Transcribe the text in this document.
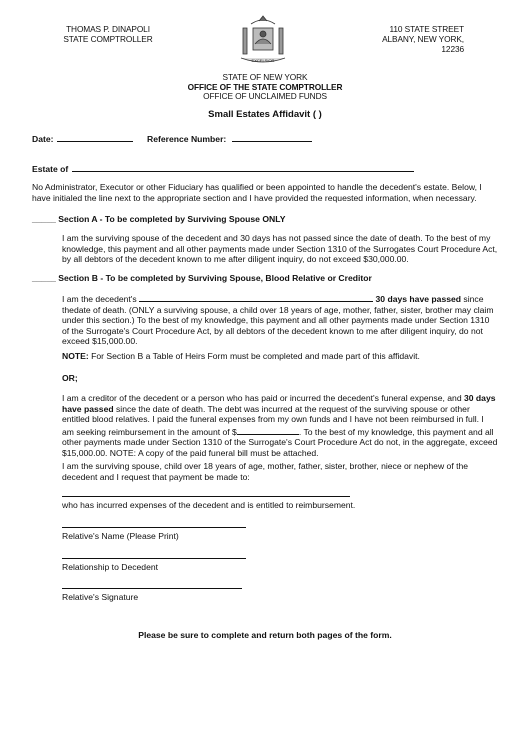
THOMAS P. DINAPOLI
STATE COMPTROLLER
EXCELSIOR
110 STATE STREET
ALBANY, NEW YORK, 12236
STATE OF NEW YORK
OFFICE OF THE STATE COMPTROLLER
OFFICE OF UNCLAIMED FUNDS
Small Estates Affidavit ( )
Date:	Reference Number:
Estate of
No Administrator, Executor or other Fiduciary has qualified or been appointed to handle the decedent's estate. Below, I have initialed the line next to the appropriate section and I have provided the requested information, when necessary.
_____ Section A - To be completed by Surviving Spouse ONLY
I am the surviving spouse of the decedent and 30 days has not passed since the date of death. To the best of my knowledge, this payment and all other payments made under Section 1310 of the Surrogates Court Procedure Act, by all debtors of the decedent known to me after diligent inquiry, do not exceed $30,000.00.
_____ Section B - To be completed by Surviving Spouse, Blood Relative or Creditor
I am the decedent's	30 days have passed since thedate of death. (ONLY a surviving spouse, a child over 18 years of age, mother, father, sister, brother may claim under this section.) To the best of my knowledge, this payment and all other payments made under Section 1310 of the Surrogate's Court Procedure Act, by all debtors of the decedent known to me after diligent inquiry, do not exceed $15,000.00.
NOTE: For Section B a Table of Heirs Form must be completed and made part of this affidavit.
OR;
I am a creditor of the decedent or a person who has paid or incurred the decedent's funeral expense, and 30 days have passed since the date of death. The debt was incurred at the request of the surviving spouse or other entitled blood relatives. I paid the funeral expenses from my own funds and I have not been reimbursed in full. I am seeking reimbursement in the amount of $	. To the best of my knowledge, this payment and all other payments made under Section 1310 of the Surrogate's Court Procedure Act do not, in the aggregate, exceed $15,000.00. NOTE: A copy of the paid funeral bill must be attached.
I am the surviving spouse, child over 18 years of age, mother, father, sister, brother, niece or nephew of the decedent and I request that payment be made to:
who has incurred expenses of the decedent and is entitled to reimbursement.
Relative's Name (Please Print)
Relationship to Decedent
Relative's Signature
Please be sure to complete and return both pages of the form.
